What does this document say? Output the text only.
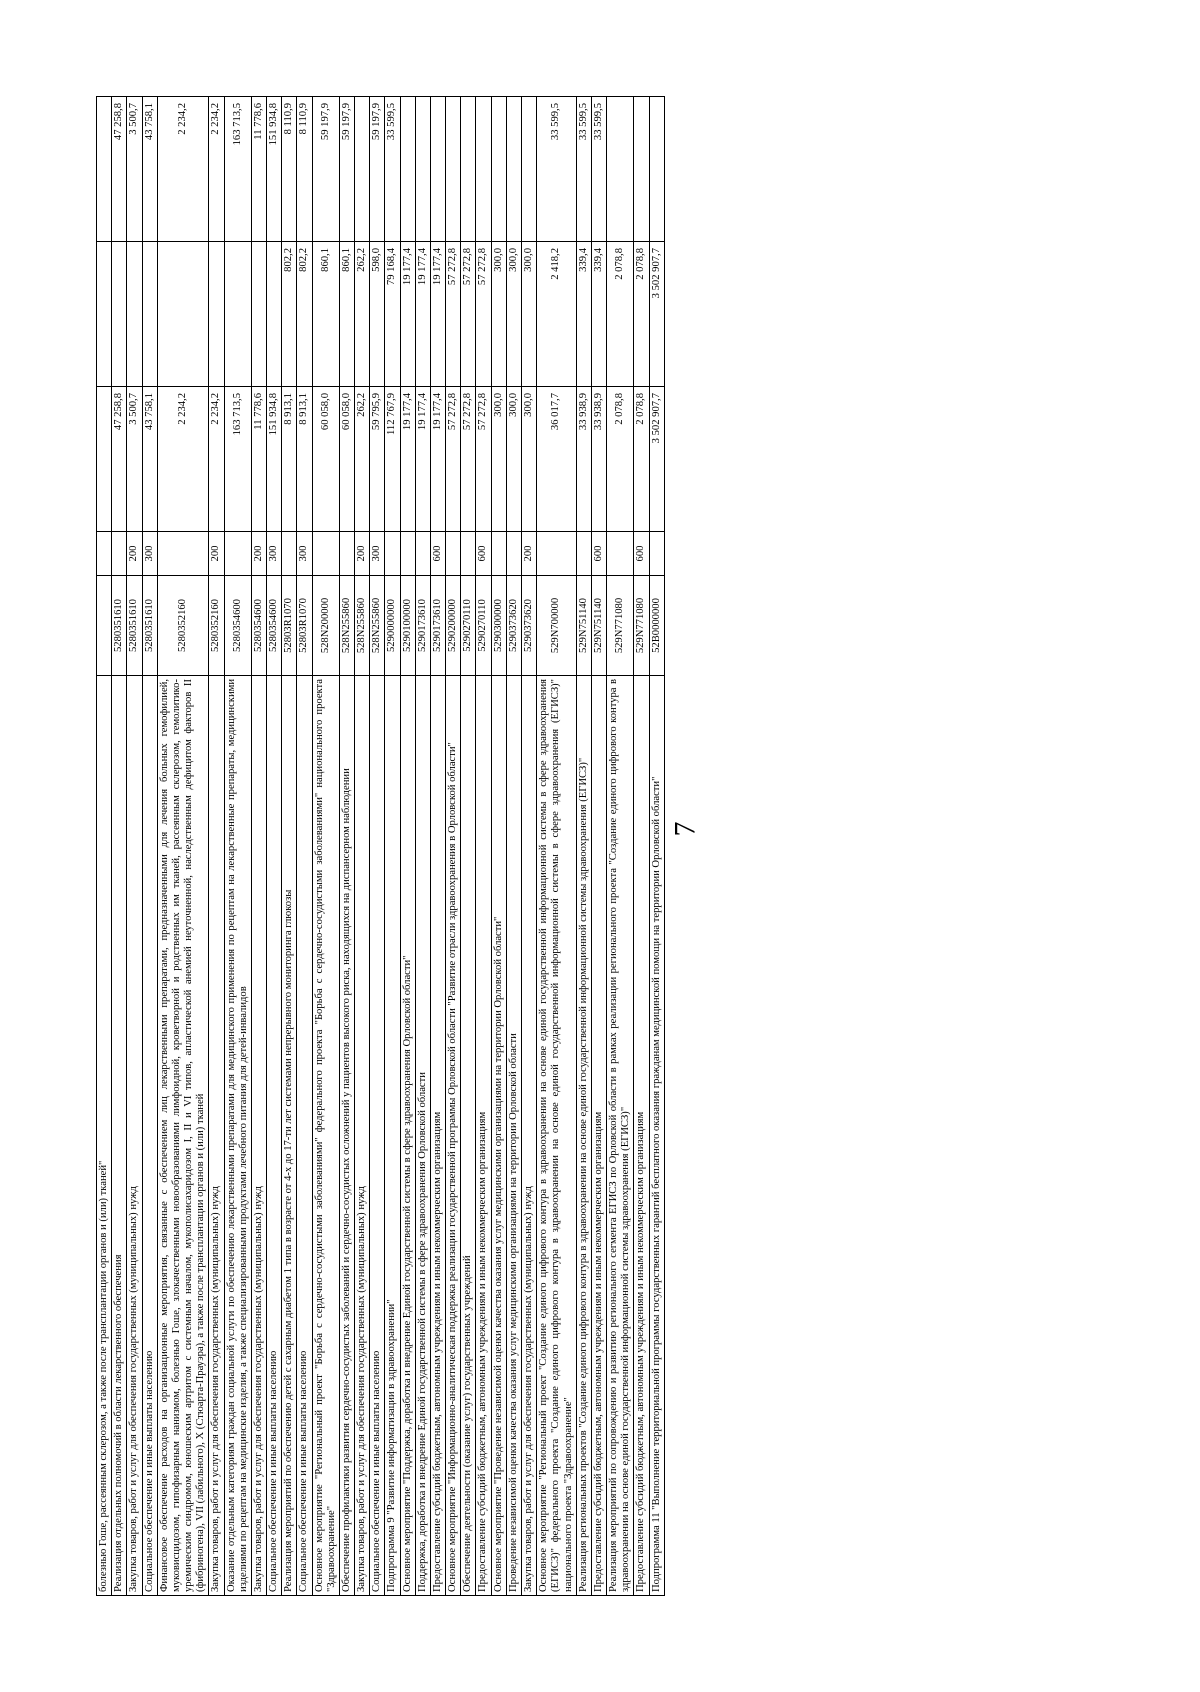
7
болезнью Гоше, рассеянным склерозом, а также после трансплантации органов и (или) тканей"					
Реализация отдельных полномочий в области лекарственного обеспечения	5280351610		47 258,8		47 258,8
Закупка товаров, работ и услуг для обеспечения государственных (муниципальных) нужд	5280351610	200	3 500,7		3 500,7
Социальное обеспечение и иные выплаты населению	5280351610	300	43 758,1		43 758,1
Финансовое обеспечение расходов на организационные мероприятия, связанные с обеспечением лиц лекарственными препаратами, предназначенными для лечения больных гемофилией, муковисцидозом, гипофизарным нанизмом, болезнью Гоше, злокачественными новообразованиями лимфоидной, кроветворной и родственных им тканей, рассеянным склерозом, гемолитико-уремическим синдромом, юношеским артритом с системным началом, мукополисахаридозом I, II и VI типов, апластической анемией неуточненной, наследственным дефицитом факторов II (фибриногена), VII (лабильного), X (Стюарта-Прауэра), а также после трансплантации органов и (или) тканей	5280352160		2 234,2		2 234,2
Закупка товаров, работ и услуг для обеспечения государственных (муниципальных) нужд	5280352160	200	2 234,2		2 234,2
Оказание отдельным категориям граждан социальной услуги по обеспечению лекарственными препаратами для медицинского применения по рецептам на лекарственные препараты, медицинскими изделиями по рецептам на медицинские изделия, а также специализированными продуктами лечебного питания для детей-инвалидов	5280354600		163 713,5		163 713,5
Закупка товаров, работ и услуг для обеспечения государственных (муниципальных) нужд	5280354600	200	11 778,6		11 778,6
Социальное обеспечение и иные выплаты населению	5280354600	300	151 934,8		151 934,8
Реализация мероприятий по обеспечению детей с сахарным диабетом 1 типа в возрасте от 4-х до 17-ти лет системами непрерывного мониторинга глюкозы	52803R1070		8 913,1	802,2	8 110,9
Социальное обеспечение и иные выплаты населению	52803R1070	300	8 913,1	802,2	8 110,9
Основное мероприятие "Региональный проект "Борьба с сердечно-сосудистыми заболеваниями" федерального проекта "Борьба с сердечно-сосудистыми заболеваниями" национального проекта "Здравоохранение"	528N200000		60 058,0	860,1	59 197,9
Обеспечение профилактики развития сердечно-сосудистых заболеваний и сердечно-сосудистых осложнений у пациентов высокого риска, находящихся на диспансерном наблюдении	528N255860		60 058,0	860,1	59 197,9
Закупка товаров, работ и услуг для обеспечения государственных (муниципальных) нужд	528N255860	200	262,2	262,2	
Социальное обеспечение и иные выплаты населению	528N255860	300	59 795,9	598,0	59 197,9
Подпрограмма 9 "Развитие информатизации в здравоохранении"	5290000000		112 767,9	79 168,4	33 599,5
Основное мероприятие "Поддержка, доработка и внедрение Единой государственной системы в сфере здравоохранения Орловской области"	5290100000		19 177,4	19 177,4	
Поддержка, доработка и внедрение Единой государственной системы в сфере здравоохранения Орловской области	5290173610		19 177,4	19 177,4	
Предоставление субсидий бюджетным, автономным учреждениям и иным некоммерческим организациям	5290173610	600	19 177,4	19 177,4	
Основное мероприятие "Информационно-аналитическая поддержка реализации государственной программы Орловской области "Развитие отрасли здравоохранения в Орловской области"	5290200000		57 272,8	57 272,8	
Обеспечение деятельности (оказание услуг) государственных учреждений	5290270110		57 272,8	57 272,8	
Предоставление субсидий бюджетным, автономным учреждениям и иным некоммерческим организациям	5290270110	600	57 272,8	57 272,8	
Основное мероприятие "Проведение независимой оценки качества оказания услуг медицинскими организациями на территории Орловской области"	5290300000		300,0	300,0	
Проведение независимой оценки качества оказания услуг медицинскими организациями на территории Орловской области	5290373620		300,0	300,0	
Закупка товаров, работ и услуг для обеспечения государственных (муниципальных) нужд	5290373620	200	300,0	300,0	
Основное мероприятие "Региональный проект "Создание единого цифрового контура в здравоохранении на основе единой государственной информационной системы в сфере здравоохранения (ЕГИСЗ)" федерального проекта "Создание единого цифрового контура в здравоохранении на основе единой государственной информационной системы в сфере здравоохранения (ЕГИСЗ)" национального проекта "Здравоохранение"	529N700000		36 017,7	2 418,2	33 599,5
Реализация региональных проектов "Создание единого цифрового контура в здравоохранении на основе единой государственной информационной системы здравоохранения (ЕГИСЗ)"	529N751140		33 938,9	339,4	33 599,5
Предоставление субсидий бюджетным, автономным учреждениям и иным некоммерческим организациям	529N751140	600	33 938,9	339,4	33 599,5
Реализация мероприятий по сопровождению и развитию регионального сегмента ЕГИСЗ по Орловской области в рамках реализации регионального проекта "Создание единого цифрового контура в здравоохранении на основе единой государственной информационной системы здравоохранения (ЕГИСЗ)"	529N771080		2 078,8	2 078,8	
Предоставление субсидий бюджетным, автономным учреждениям и иным некоммерческим организациям	529N771080	600	2 078,8	2 078,8	
Подпрограмма 11 "Выполнение территориальной программы государственных гарантий бесплатного оказания гражданам медицинской помощи на территории Орловской области"	52B0000000		3 502 907,7	3 502 907,7	
